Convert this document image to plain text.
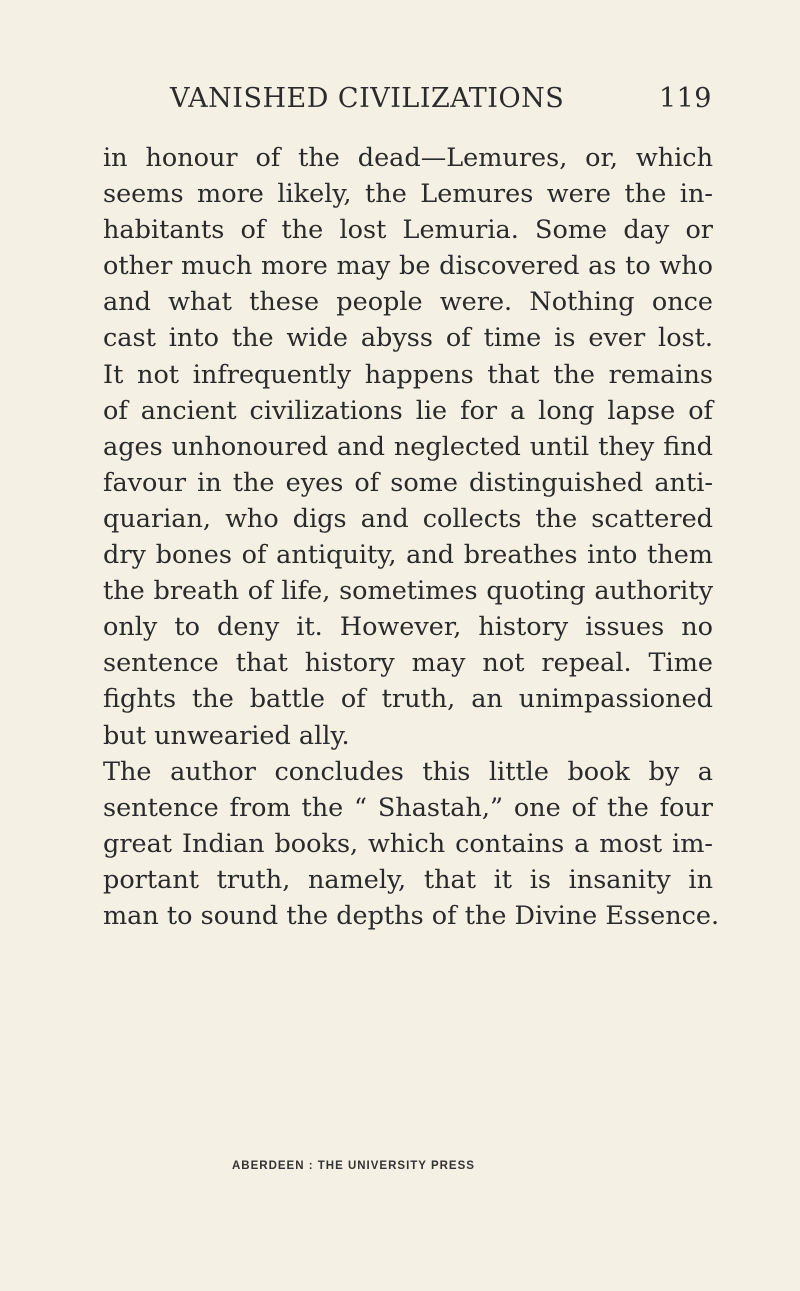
VANISHED CIVILIZATIONS	119
in honour of the dead—Lemures, or, which
seems more likely, the Lemures were the in-
habitants of the lost Lemuria. Some day or
other much more may be discovered as to who
and what these people were. Nothing once
cast into the wide abyss of time is ever lost.
It not infrequently happens that the remains
of ancient civilizations lie for a long lapse of
ages unhonoured and neglected until they find
favour in the eyes of some distinguished anti-
quarian, who digs and collects the scattered
dry bones of antiquity, and breathes into them
the breath of life, sometimes quoting authority
only to deny it. However, history issues no
sentence that history may not repeal. Time
fights the battle of truth, an unimpassioned
but unwearied ally.
The author concludes this little book by a
sentence from the “ Shastah,” one of the four
great Indian books, which contains a most im-
portant truth, namely, that it is insanity in
man to sound the depths of the Divine Essence.
ABERDEEN : THE UNIVERSITY PRESS
